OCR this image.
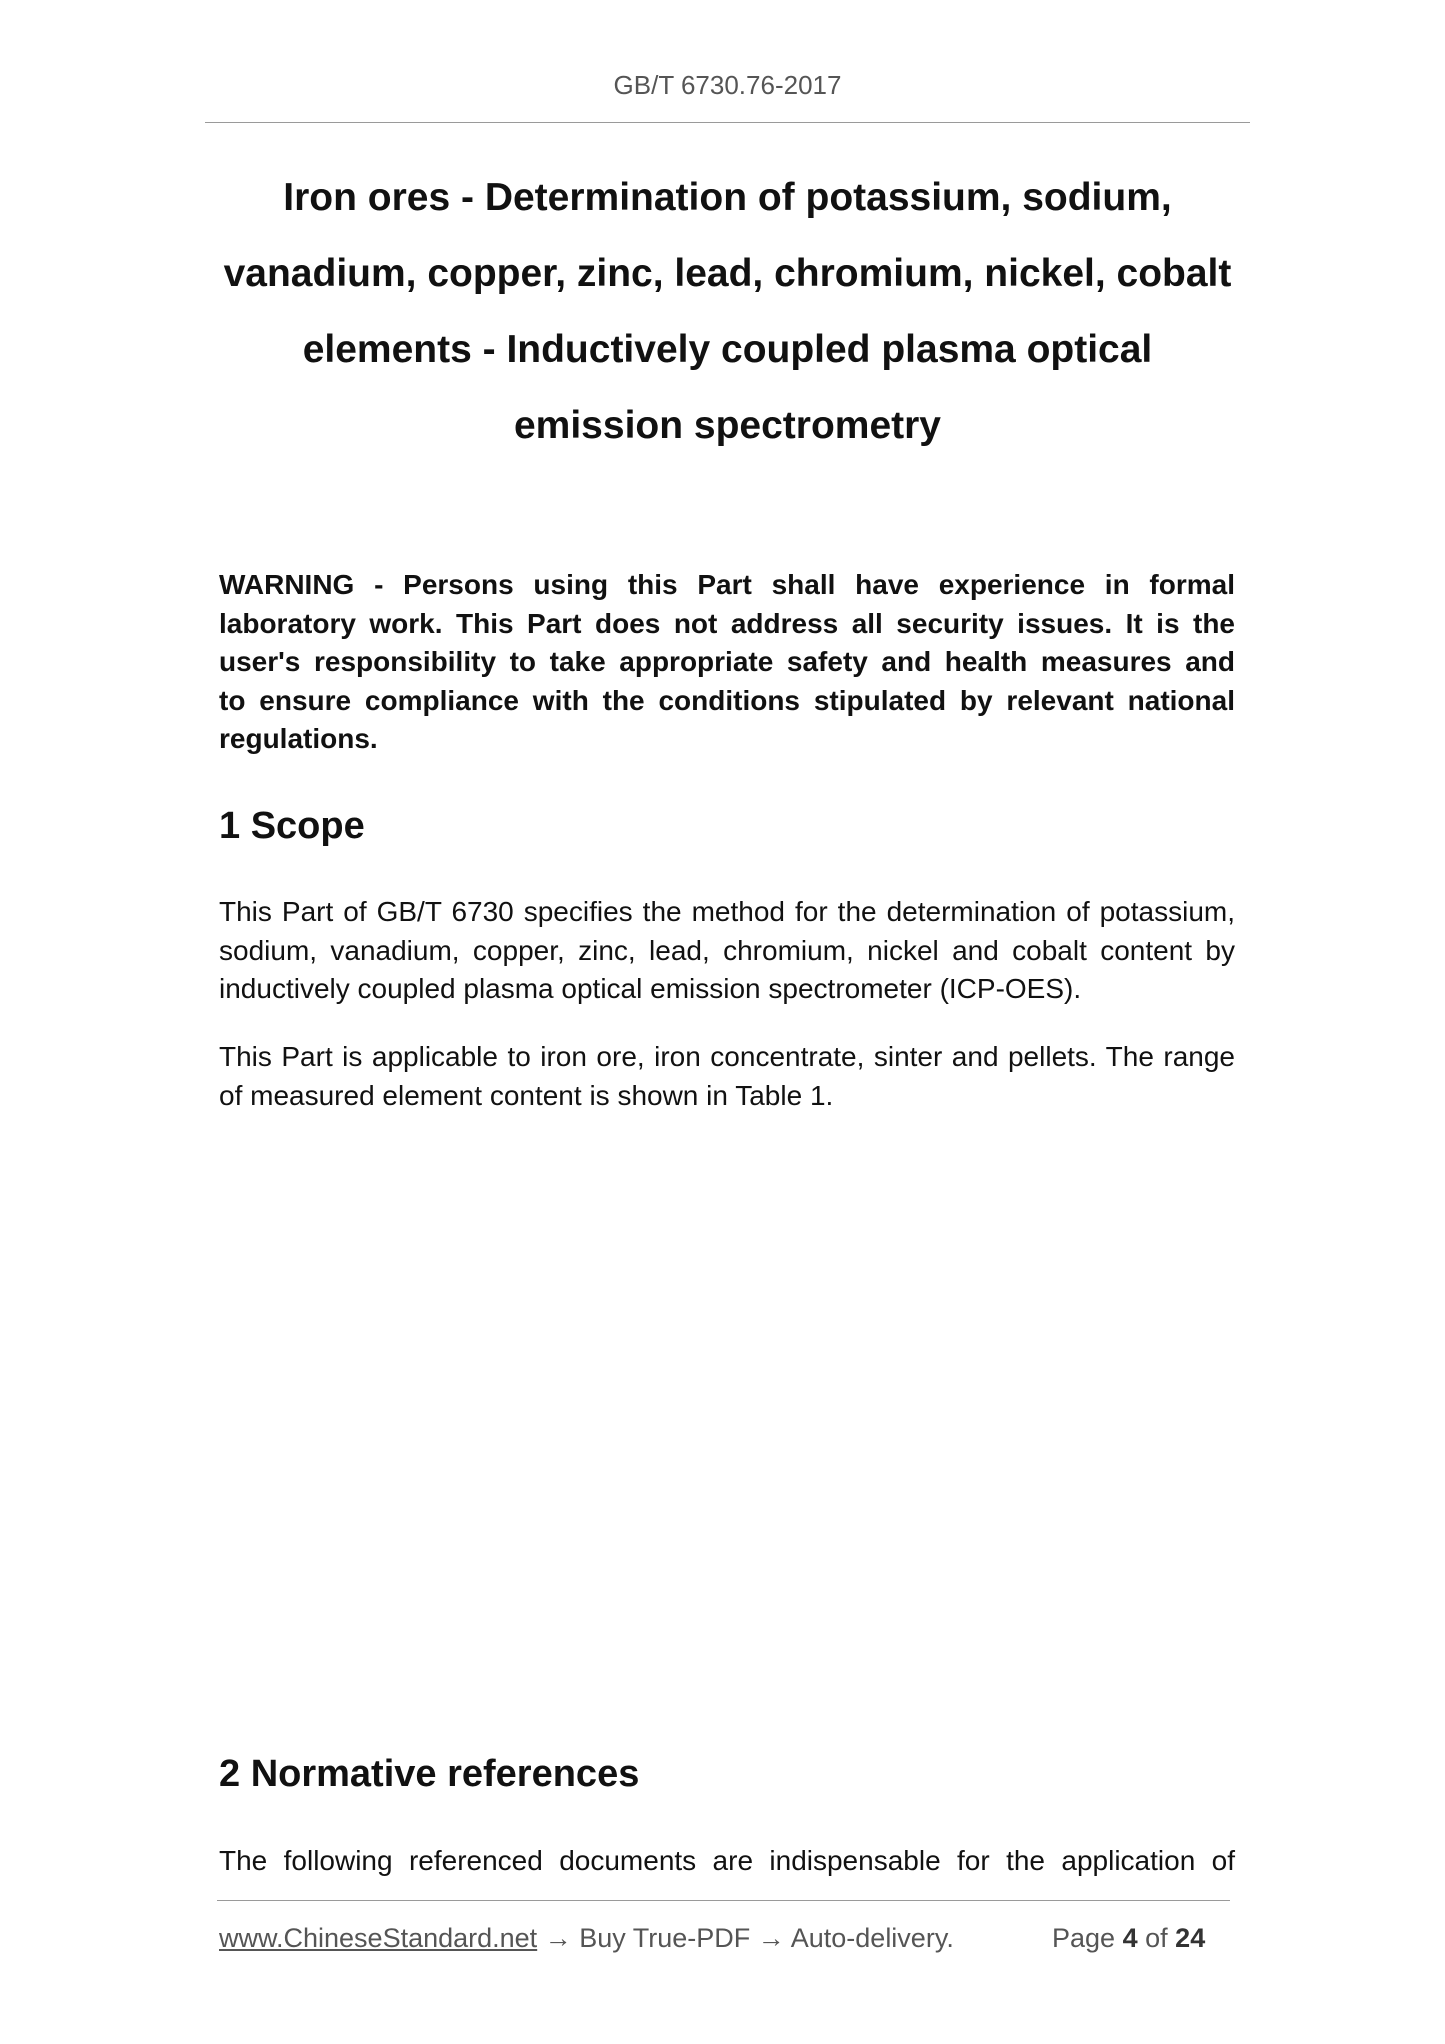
GB/T 6730.76-2017
Iron ores - Determination of potassium, sodium,
vanadium, copper, zinc, lead, chromium, nickel, cobalt
elements - Inductively coupled plasma optical
emission spectrometry
WARNING - Persons using this Part shall have experience in formal
laboratory work. This Part does not address all security issues. It is the
user's responsibility to take appropriate safety and health measures and
to ensure compliance with the conditions stipulated by relevant national
regulations.
1 Scope
This Part of GB/T 6730 specifies the method for the determination of potassium,
sodium, vanadium, copper, zinc, lead, chromium, nickel and cobalt content by
inductively coupled plasma optical emission spectrometer (ICP-OES).
This Part is applicable to iron ore, iron concentrate, sinter and pellets. The range
of measured element content is shown in Table 1.
2 Normative references
The following referenced documents are indispensable for the application of
www.ChineseStandard.net → Buy True-PDF → Auto-delivery.	Page 4 of 24
